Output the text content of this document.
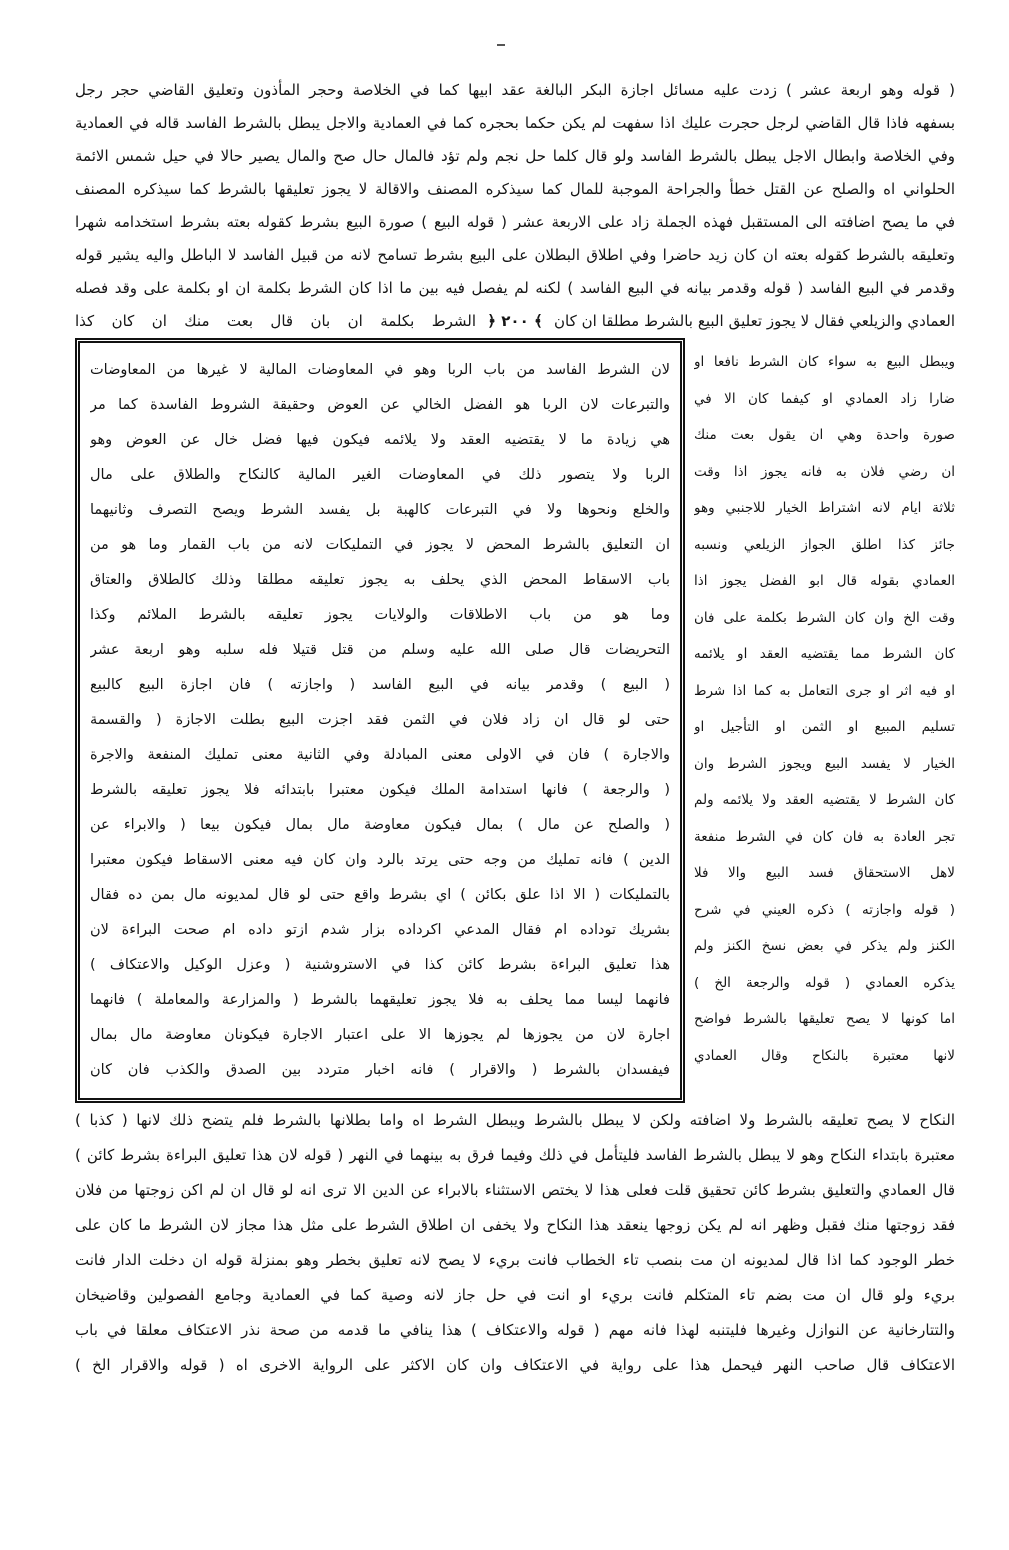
( قوله وهو اربعة عشر ) زدت عليه مسائل اجازة البكر البالغة عقد ابيها كما في الخلاصة وحجر المأذون وتعليق القاضي حجر رجل
بسفهه فاذا قال القاضي لرجل حجرت عليك اذا سفهت لم يكن حكما بحجره كما في العمادية والاجل يبطل بالشرط الفاسد قاله في العمادية
وفي الخلاصة وابطال الاجل يبطل بالشرط الفاسد ولو قال كلما حل نجم ولم تؤد فالمال حال صح والمال يصير حالا في حيل شمس الائمة
الحلواني اه والصلح عن القتل خطأ والجراحة الموجبة للمال كما سيذكره المصنف والاقالة لا يجوز تعليقها بالشرط كما سيذكره المصنف
في ما يصح اضافته الى المستقبل فهذه الجملة زاد على الاربعة عشر ( قوله البيع ) صورة البيع بشرط كقوله بعته بشرط استخدامه شهرا
وتعليقه بالشرط كقوله بعته ان كان زيد حاضرا وفي اطلاق البطلان على البيع بشرط تسامح لانه من قبيل الفاسد لا الباطل واليه يشير قوله
وقدمر في البيع الفاسد ( قوله وقدمر بيانه في البيع الفاسد ) لكنه لم يفصل فيه بين ما اذا كان الشرط بكلمة ان او بكلمة على وقد فصله
العمادي والزيلعي فقال لا يجوز تعليق البيع بالشرط مطلقا ان كان
﴿ ٢٠٠ ﴾
الشرط بكلمة ان بان قال بعت منك ان كان كذا
لان الشرط الفاسد من باب الربا وهو في المعاوضات المالية لا غيرها من المعاوضات
والتبرعات لان الربا هو الفضل الخالي عن العوض وحقيقة الشروط الفاسدة كما مر
هي زيادة ما لا يقتضيه العقد ولا يلائمه فيكون فيها فضل خال عن العوض وهو
الربا ولا يتصور ذلك في المعاوضات الغير المالية كالنكاح والطلاق على مال
والخلع ونحوها ولا في التبرعات كالهبة بل يفسد الشرط ويصح التصرف وثانيهما
ان التعليق بالشرط المحض لا يجوز في التمليكات لانه من باب القمار وما هو من
باب الاسقاط المحض الذي يحلف به يجوز تعليقه مطلقا وذلك كالطلاق والعتاق
وما هو من باب الاطلاقات والولايات يجوز تعليقه بالشرط الملائم وكذا
التحريضات قال صلى الله عليه وسلم من قتل قتيلا فله سلبه وهو اربعة عشر
( البيع ) وقدمر بيانه في البيع الفاسد ( واجازته ) فان اجازة البيع كالبيع
حتى لو قال ان زاد فلان في الثمن فقد اجزت البيع بطلت الاجازة ( والقسمة
والاجارة ) فان في الاولى معنى المبادلة وفي الثانية معنى تمليك المنفعة والاجرة
( والرجعة ) فانها استدامة الملك فيكون معتبرا بابتدائه فلا يجوز تعليقه بالشرط
( والصلح عن مال ) بمال فيكون معاوضة مال بمال فيكون بيعا ( والابراء عن
الدين ) فانه تمليك من وجه حتى يرتد بالرد وان كان فيه معنى الاسقاط فيكون معتبرا
بالتمليكات ( الا اذا علق بكائن ) اي بشرط واقع حتى لو قال لمديونه مال بمن ده فقال
بشريك توداده ام فقال المدعي اكرداده بزار شدم ازتو داده ام صحت البراءة لان
هذا تعليق البراءة بشرط كائن كذا في الاستروشنية ( وعزل الوكيل والاعتكاف )
فانهما ليسا مما يحلف به فلا يجوز تعليقهما بالشرط ( والمزارعة والمعاملة ) فانهما
اجارة لان من يجوزها لم يجوزها الا على اعتبار الاجارة فيكونان معاوضة مال بمال
فيفسدان بالشرط ( والاقرار ) فانه اخبار متردد بين الصدق والكذب فان كان
ويبطل البيع به سواء كان الشرط نافعا او
ضارا زاد العمادي او كيفما كان الا في
صورة واحدة وهي ان يقول بعت منك
ان رضي فلان به فانه يجوز اذا وقت
ثلاثة ايام لانه اشتراط الخيار للاجنبي وهو
جائز كذا اطلق الجواز الزيلعي ونسبه
العمادي بقوله قال ابو الفضل يجوز اذا
وقت الخ وان كان الشرط بكلمة على فان
كان الشرط مما يقتضيه العقد او يلائمه
او فيه اثر او جرى التعامل به كما اذا شرط
تسليم المبيع او الثمن او التأجيل او
الخيار لا يفسد البيع ويجوز الشرط وان
كان الشرط لا يقتضيه العقد ولا يلائمه ولم
تجر العادة به فان كان في الشرط منفعة
لاهل الاستحقاق فسد البيع والا فلا
( قوله واجازته ) ذكره العيني في شرح
الكنز ولم يذكر في بعض نسخ الكنز ولم
يذكره العمادي ( قوله والرجعة الخ )
اما كونها لا يصح تعليقها بالشرط فواضح
لانها معتبرة بالنكاح وقال العمادي
النكاح لا يصح تعليقه بالشرط ولا اضافته ولكن لا يبطل بالشرط ويبطل الشرط اه واما بطلانها بالشرط فلم يتضح ذلك لانها ( كذبا )
معتبرة بابتداء النكاح وهو لا يبطل بالشرط الفاسد فليتأمل في ذلك وفيما فرق به بينهما في النهر ( قوله لان هذا تعليق البراءة بشرط كائن )
قال العمادي والتعليق بشرط كائن تحقيق قلت فعلى هذا لا يختص الاستثناء بالابراء عن الدين الا ترى انه لو قال ان لم اكن زوجتها من فلان
فقد زوجتها منك فقبل وظهر انه لم يكن زوجها ينعقد هذا النكاح ولا يخفى ان اطلاق الشرط على مثل هذا مجاز لان الشرط ما كان على
خطر الوجود كما اذا قال لمديونه ان مت بنصب تاء الخطاب فانت بريء لا يصح لانه تعليق بخطر وهو بمنزلة قوله ان دخلت الدار فانت
بريء ولو قال ان مت بضم تاء المتكلم فانت بريء او انت في حل جاز لانه وصية كما في العمادية وجامع الفصولين وقاضيخان
والتتارخانية عن النوازل وغيرها فليتنبه لهذا فانه مهم ( قوله والاعتكاف ) هذا ينافي ما قدمه من صحة نذر الاعتكاف معلقا في باب
الاعتكاف قال صاحب النهر فيحمل هذا على رواية في الاعتكاف وان كان الاكثر على الرواية الاخرى اه ( قوله والاقرار الخ )
